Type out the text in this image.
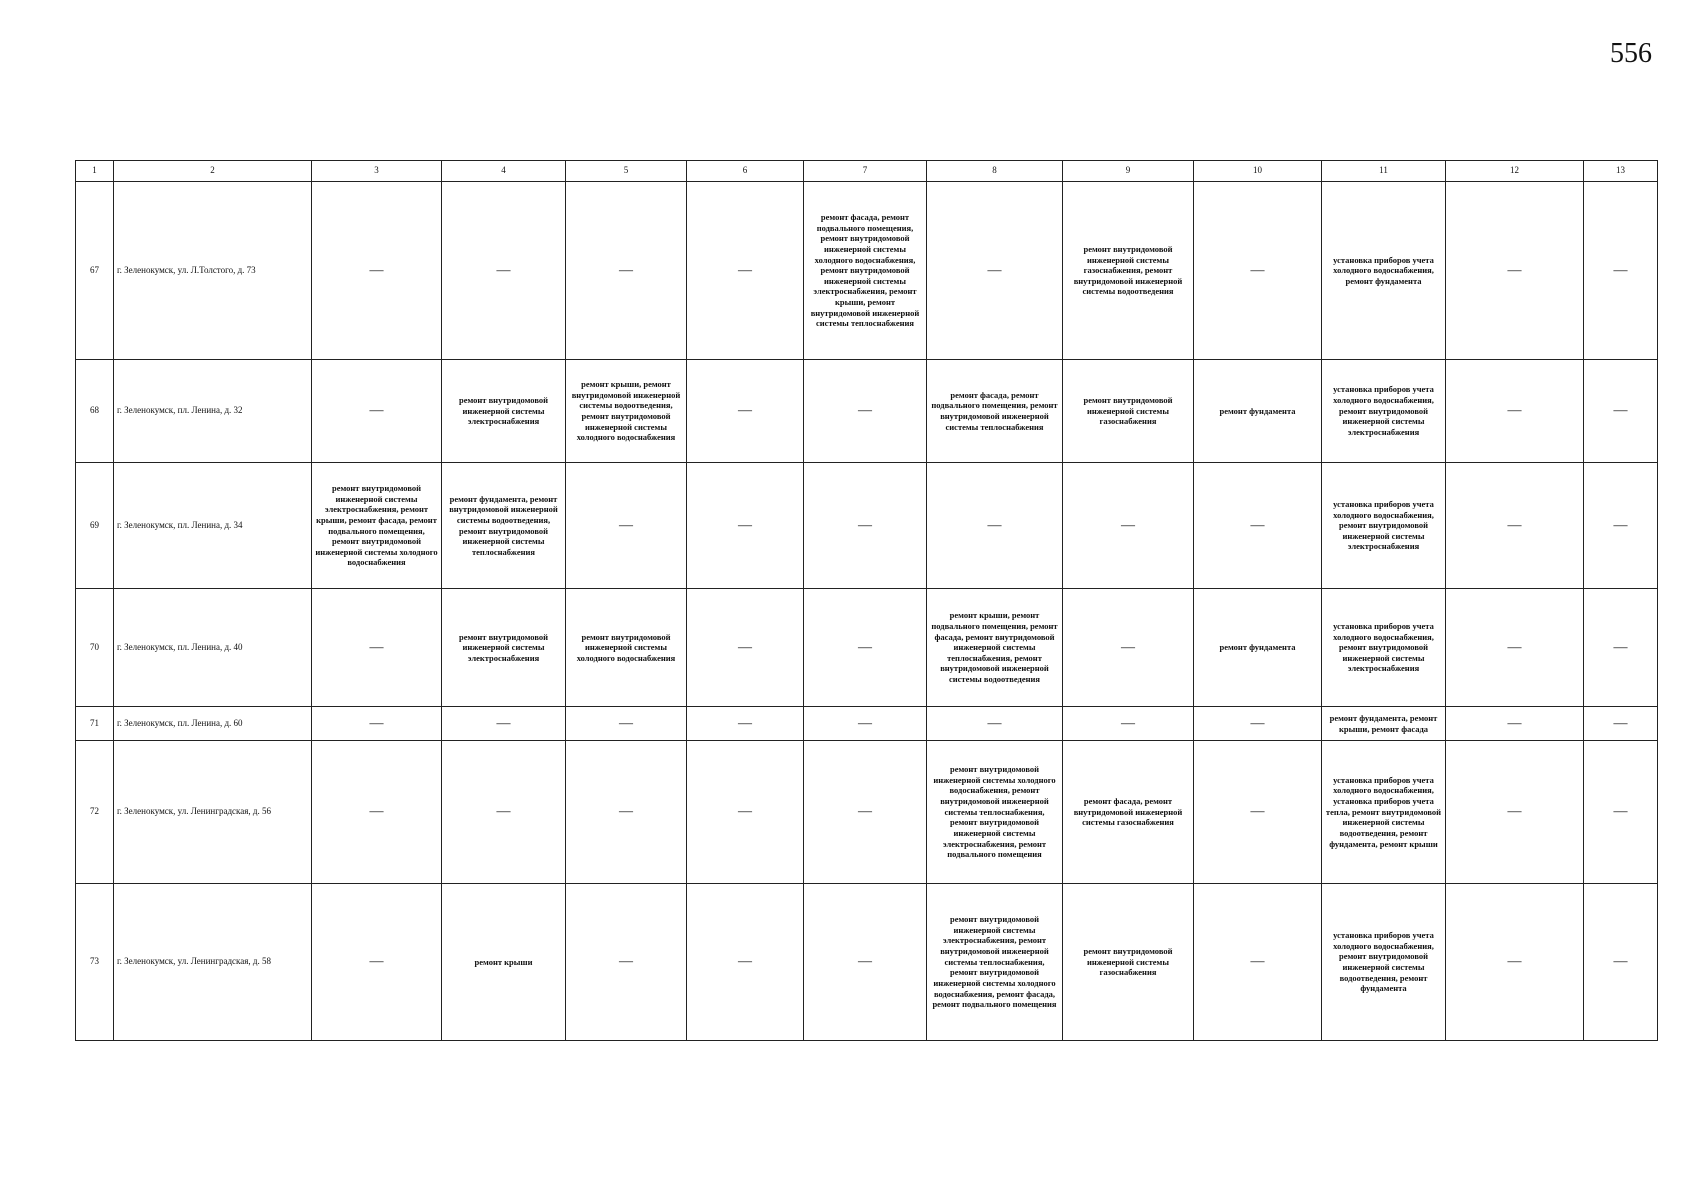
556
1	2	3	4	5	6	7	8	9	10	11	12	13
67	г. Зеленокумск, ул. Л.Толстого, д. 73	—	—	—	—	ремонт фасада, ремонт подвального помещения, ремонт внутридомовой инженерной системы холодного водоснабжения, ремонт внутридомовой инженерной системы электроснабжения, ремонт крыши, ремонт внутридомовой инженерной системы теплоснабжения	—	ремонт внутридомовой инженерной системы газоснабжения, ремонт внутридомовой инженерной системы водоотведения	—	установка приборов учета холодного водоснабжения, ремонт фундамента	—	—
68	г. Зеленокумск, пл. Ленина, д. 32	—	ремонт внутридомовой инженерной системы электроснабжения	ремонт крыши, ремонт внутридомовой инженерной системы водоотведения, ремонт внутридомовой инженерной системы холодного водоснабжения	—	—	ремонт фасада, ремонт подвального помещения, ремонт внутридомовой инженерной системы теплоснабжения	ремонт внутридомовой инженерной системы газоснабжения	ремонт фундамента	установка приборов учета холодного водоснабжения, ремонт внутридомовой инженерной системы электроснабжения	—	—
69	г. Зеленокумск, пл. Ленина, д. 34	ремонт внутридомовой инженерной системы электроснабжения, ремонт крыши, ремонт фасада, ремонт подвального помещения, ремонт внутридомовой инженерной системы холодного водоснабжения	ремонт фундамента, ремонт внутридомовой инженерной системы водоотведения, ремонт внутридомовой инженерной системы теплоснабжения	—	—	—	—	—	—	установка приборов учета холодного водоснабжения, ремонт внутридомовой инженерной системы электроснабжения	—	—
70	г. Зеленокумск, пл. Ленина, д. 40	—	ремонт внутридомовой инженерной системы электроснабжения	ремонт внутридомовой инженерной системы холодного водоснабжения	—	—	ремонт крыши, ремонт подвального помещения, ремонт фасада, ремонт внутридомовой инженерной системы теплоснабжения, ремонт внутридомовой инженерной системы водоотведения	—	ремонт фундамента	установка приборов учета холодного водоснабжения, ремонт внутридомовой инженерной системы электроснабжения	—	—
71	г. Зеленокумск, пл. Ленина, д. 60	—	—	—	—	—	—	—	—	ремонт фундамента, ремонт крыши, ремонт фасада	—	—
72	г. Зеленокумск, ул. Ленинградская, д. 56	—	—	—	—	—	ремонт внутридомовой инженерной системы холодного водоснабжения, ремонт внутридомовой инженерной системы теплоснабжения, ремонт внутридомовой инженерной системы электроснабжения, ремонт подвального помещения	ремонт фасада, ремонт внутридомовой инженерной системы газоснабжения	—	установка приборов учета холодного водоснабжения, установка приборов учета тепла, ремонт внутридомовой инженерной системы водоотведения, ремонт фундамента, ремонт крыши	—	—
73	г. Зеленокумск, ул. Ленинградская, д. 58	—	ремонт крыши	—	—	—	ремонт внутридомовой инженерной системы электроснабжения, ремонт внутридомовой инженерной системы теплоснабжения, ремонт внутридомовой инженерной системы холодного водоснабжения, ремонт фасада, ремонт подвального помещения	ремонт внутридомовой инженерной системы газоснабжения	—	установка приборов учета холодного водоснабжения, ремонт внутридомовой инженерной системы водоотведения, ремонт фундамента	—	—
